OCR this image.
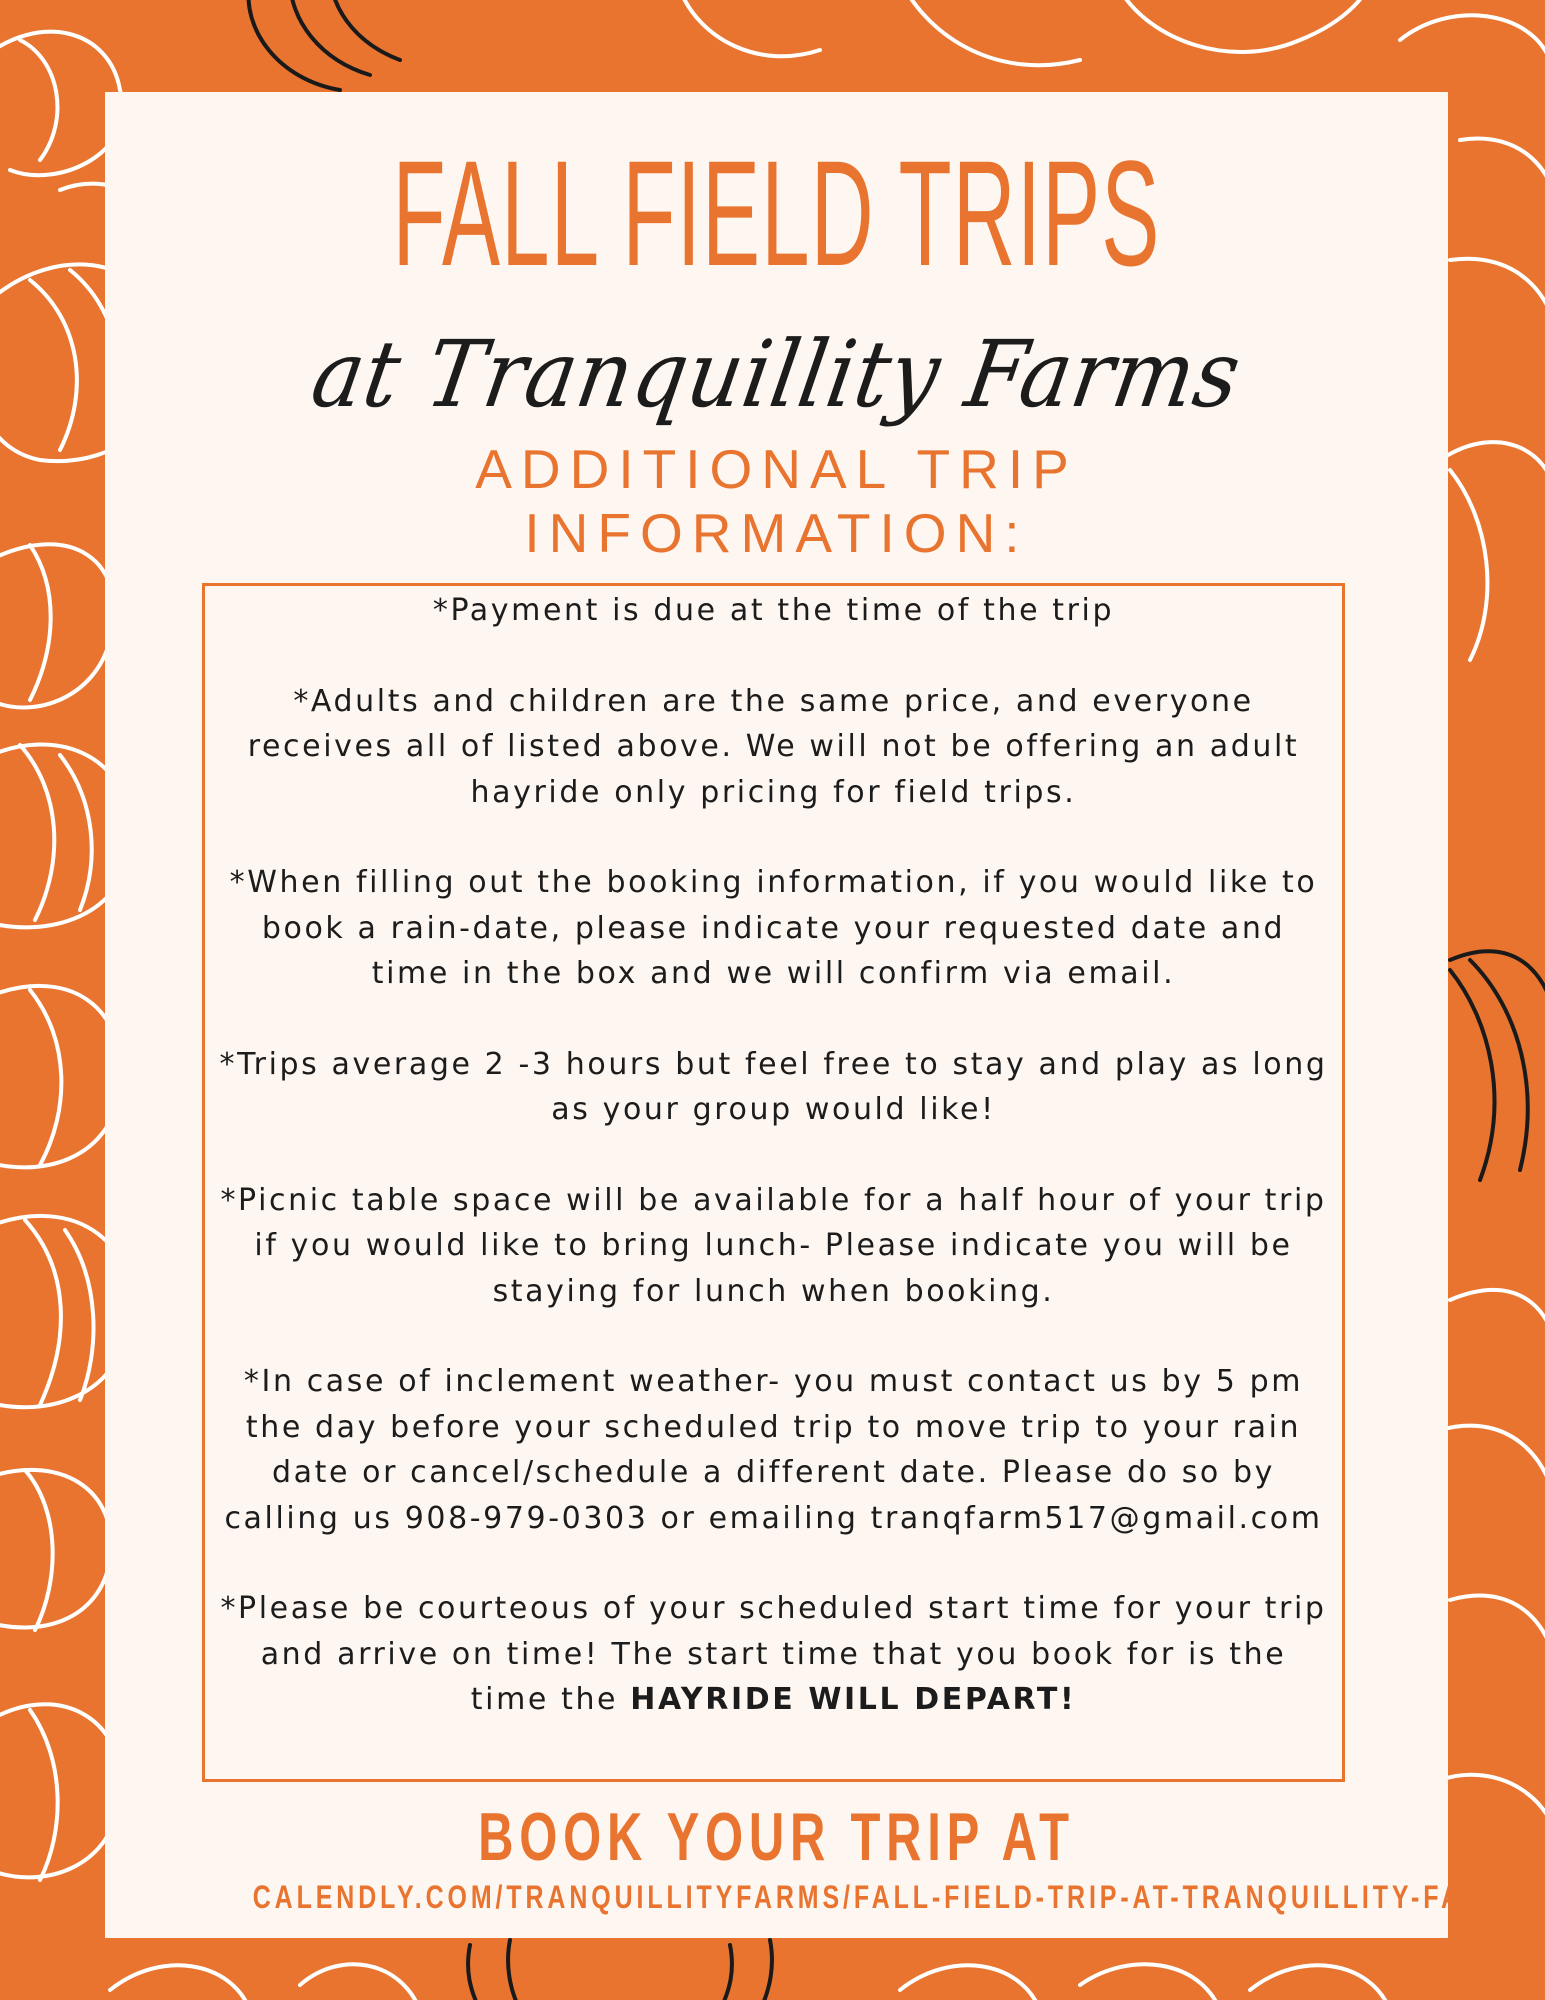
FALL FIELD TRIPS
at Tranquillity Farms
ADDITIONAL TRIP
INFORMATION:

*Payment is due at the time of the trip

*Adults and children are the same price, and everyone receives all of listed above. We will not be offering an adult hayride only pricing for field trips.

*When filling out the booking information, if you would like to book a rain-date, please indicate your requested date and time in the box and we will confirm via email.

*Trips average 2 -3 hours but feel free to stay and play as long as your group would like!

*Picnic table space will be available for a half hour of your trip if you would like to bring lunch- Please indicate you will be staying for lunch when booking.

*In case of inclement weather- you must contact us by 5 pm the day before your scheduled trip to move trip to your rain date or cancel/schedule a different date. Please do so by calling us 908-979-0303 or emailing tranqfarm517@gmail.com

*Please be courteous of your scheduled start time for your trip and arrive on time! The start time that you book for is the time the HAYRIDE WILL DEPART!

BOOK YOUR TRIP AT
CALENDLY.COM/TRANQUILLITYFARMS/FALL-FIELD-TRIP-AT-TRANQUILLITY-FARMS
